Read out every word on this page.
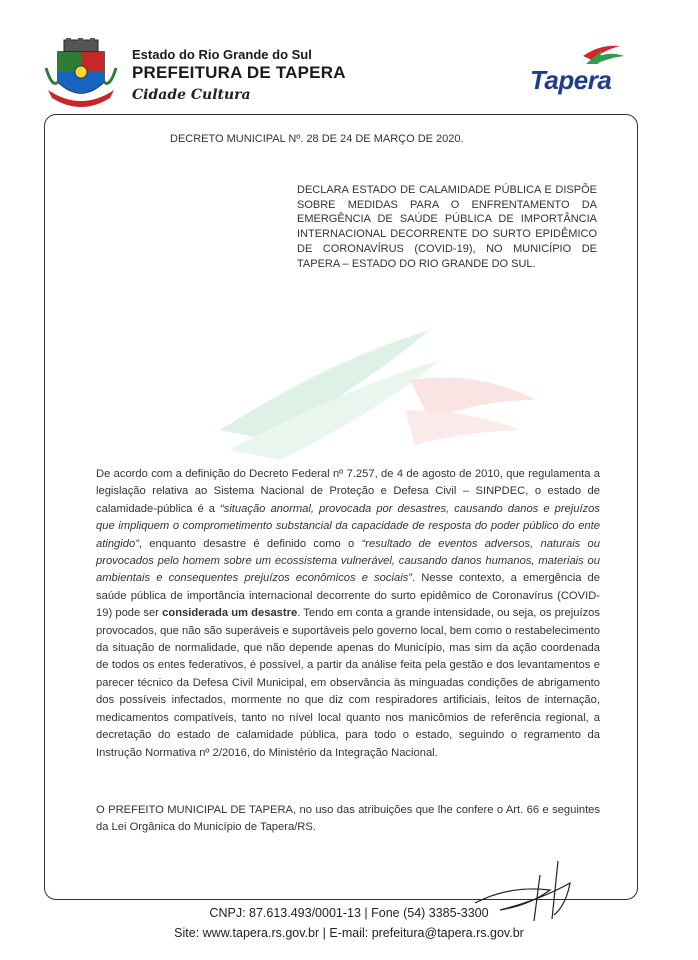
Estado do Rio Grande do Sul
PREFEITURA DE TAPERA
Cidade Cultura	Tapera
DECRETO MUNICIPAL Nº. 28 DE 24 DE MARÇO DE 2020.
DECLARA ESTADO DE CALAMIDADE PÚBLICA E DISPÕE SOBRE MEDIDAS PARA O ENFRENTAMENTO DA EMERGÊNCIA DE SAÚDE PÚBLICA DE IMPORTÂNCIA INTERNACIONAL DECORRENTE DO SURTO EPIDÊMICO DE CORONAVÍRUS (COVID-19), NO MUNICÍPIO DE TAPERA – ESTADO DO RIO GRANDE DO SUL.

De acordo com a definição do Decreto Federal nº 7.257, de 4 de agosto de 2010, que regulamenta a legislação relativa ao Sistema Nacional de Proteção e Defesa Civil – SINPDEC, o estado de calamidade-pública é a “situação anormal, provocada por desastres, causando danos e prejuízos que impliquem o comprometimento substancial da capacidade de resposta do poder público do ente atingido”, enquanto desastre é definido como o “resultado de eventos adversos, naturais ou provocados pelo homem sobre um ecossistema vulnerável, causando danos humanos, materiais ou ambientais e consequentes prejuízos econômicos e sociais”. Nesse contexto, a emergência de saúde pública de importância internacional decorrente do surto epidêmico de Coronavírus (COVID-19) pode ser considerada um desastre. Tendo em conta a grande intensidade, ou seja, os prejuízos provocados, que não são superáveis e suportáveis pelo governo local, bem como o restabelecimento da situação de normalidade, que não depende apenas do Município, mas sim da ação coordenada de todos os entes federativos, é possível, a partir da análise feita pela gestão e dos levantamentos e parecer técnico da Defesa Civil Municipal, em observância às minguadas condições de abrigamento dos possíveis infectados, mormente no que diz com respiradores artificiais, leitos de internação, medicamentos compatíveis, tanto no nível local quanto nos manicômios de referência regional, a decretação do estado de calamidade pública, para todo o estado, seguindo o regramento da Instrução Normativa nº 2/2016, do Ministério da Integração Nacional.

O PREFEITO MUNICIPAL DE TAPERA, no uso das atribuições que lhe confere o Art. 66 e seguintes da Lei Orgânica do Município de Tapera/RS.

CNPJ: 87.613.493/0001-13 | Fone (54) 3385-3300
Site: www.tapera.rs.gov.br | E-mail: prefeitura@tapera.rs.gov.br
